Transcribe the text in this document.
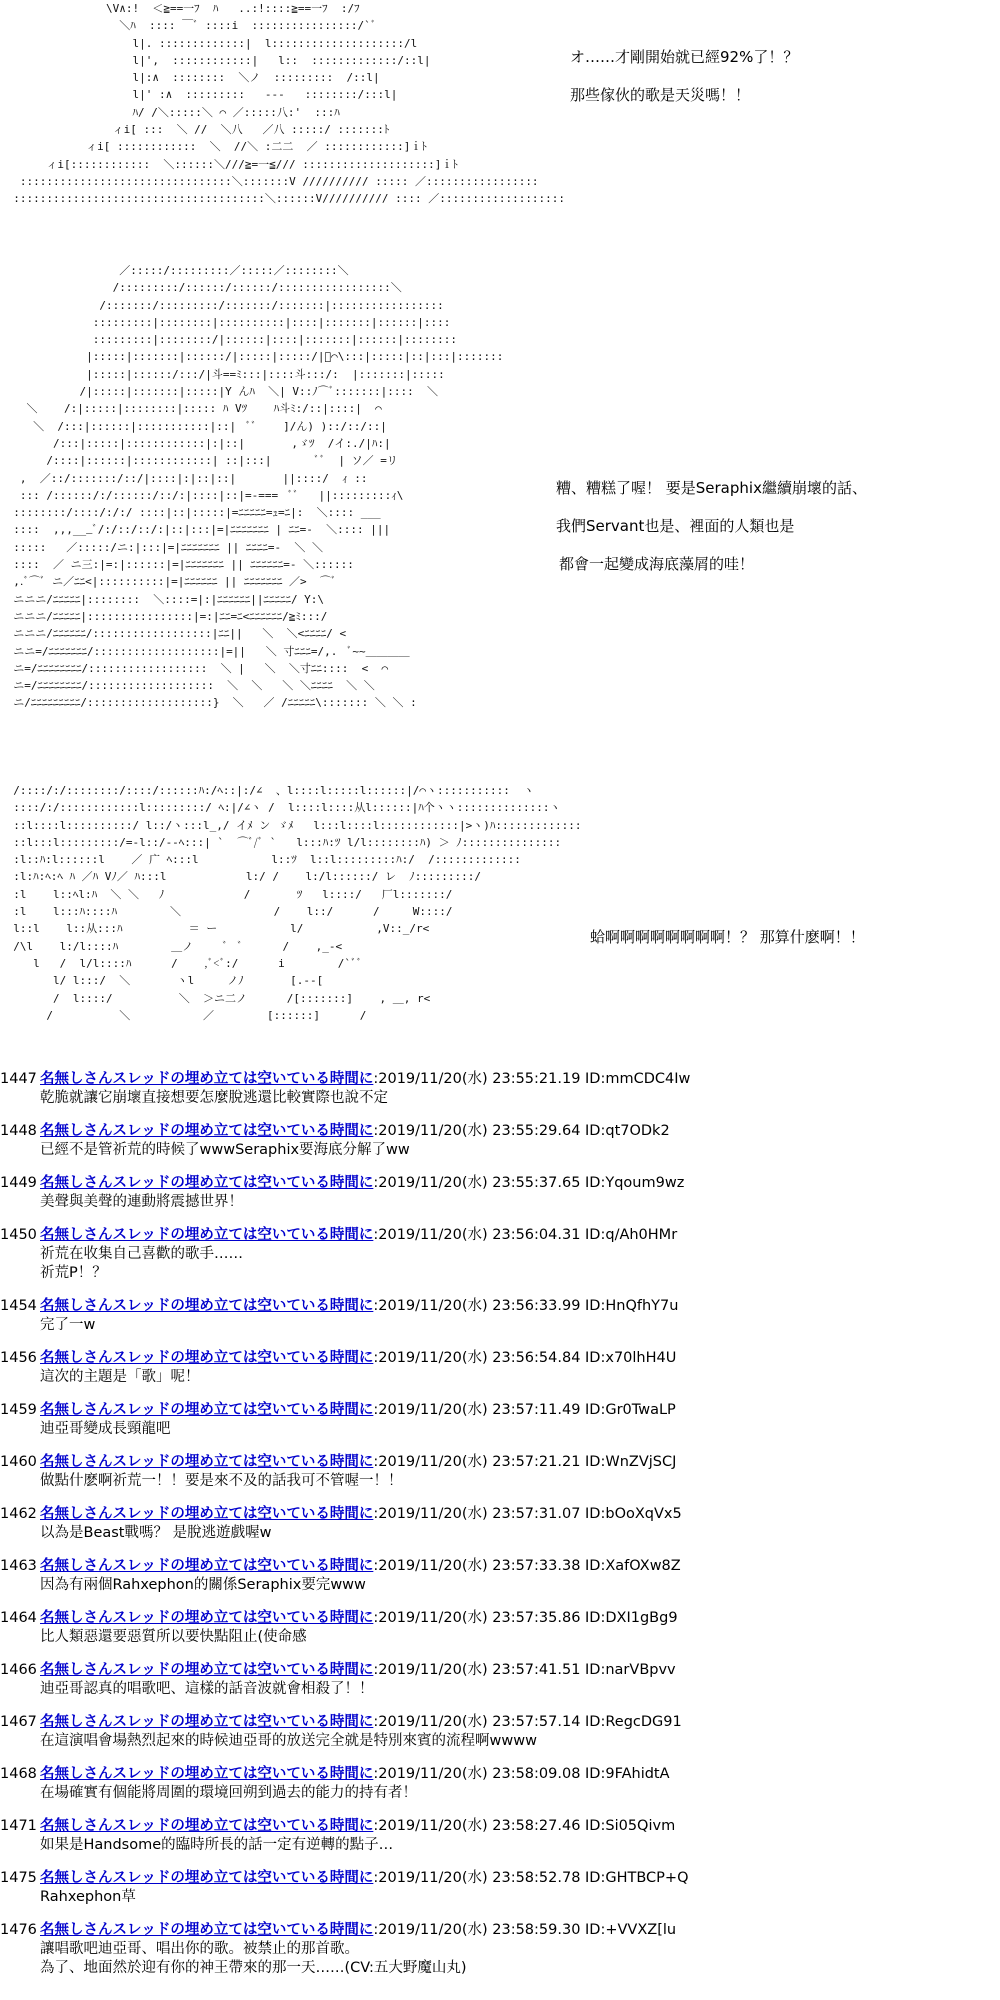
\V∧:!  ＜≧==一ﾌ  ﾊ   ..:!::::≧==一ﾌ  :/ﾌ
＼ﾊ  :::: ￣ﾞ ::::i  ::::::::::::::::/`ﾞ
l|. :::::::::::::|  l::::::::::::::::::::/l
l|',  ::::::::::::|   l::  :::::::::::::/::l|
l|:∧  ::::::::  ＼ノ  :::::::::  /::l|
l|' :∧  :::::::::   -‐-   ::::::::/:::l|
ﾊ/ /＼:::::＼ ⌒ ／:::::八:'  :::ﾊ
ィi[ :::  ＼ //  ＼八   ／八 :::::/ :::::::ﾄ
ィi[ ::::::::::::  ＼  //＼ :二二  ／ ::::::::::::]ｉﾄ
ィi[::::::::::::  ＼::::::＼///≧=一≦/// ::::::::::::::::::::]ｉﾄ
::::::::::::::::::::::::::::::::＼:::::::V ////////// ::::: ／:::::::::::::::::
::::::::::::::::::::::::::::::::::::::＼::::::V////////// :::: ／:::::::::::::::::::
オ……才剛開始就已經92%了！？
那些傢伙的歌是天災嗎！！
／:::::/:::::::::／:::::／::::::::＼
/:::::::::/::::::/::::::/:::::::::::::::::＼
/:::::::/:::::::::/:::::::/:::::::|:::::::::::::::::
:::::::::|::::::::|::::::::::|::::|:::::::|::::::|::::
:::::::::|::::::::/|::::::|::::|:::::::|::::::|::::::::
|:::::|:::::::|::::::/|:::::|:::::/|ﾞ⌒\:::|:::::|::|:::|:::::::
|:::::|::::::/:::/|斗==ﾐ:::|::::斗:::/:  |:::::::|:::::
/|:::::|:::::::|:::::|Y んﾊ  ＼| V::ﾉ⌒ﾞ:::::::|::::  ＼
＼    /:|:::::|::::::::|::::: ﾊ Vﾂ    ﾊ斗ﾐ:/::|::::|  ⌒
＼  /:::|::::::|:::::::::::|::|  ﾞﾞ    ]/ん) )::/::/::|
/:::|:::::|::::::::::::|:|::|       ,ゞﾂ  /イ:./|ﾊ:|
/::::|::::::|::::::::::::| ::|:::|       ﾞﾞ  | ソ／ =リ
,  ／::/:::::::/::/|::::|:|::|::|       ||::::/  ｨ ::
::: /::::::/:/::::::/::/:|::::|::|=-===  ﾞﾞ   ||:::::::::ｨ\
::::::::/::::/:/:/ ::::|::|:::::|=ﾆﾆﾆﾆﾆ=ｭ=ﾆ|:  ＼:::: ___
::::  ,,,___ﾞ/:/::/::/:|::|:::|=|ﾆﾆﾆﾆﾆﾆﾆ | ﾆﾆ=-  ＼:::: |||
:::::   ／:::::/ニ:|:::|=|ﾆﾆﾆﾆﾆﾆﾆ || ﾆﾆﾆﾆ=-  ＼ ＼
::::  ／ ニ三:|=:|::::::|=|ﾆﾆﾆﾆﾆﾆﾆ || ﾆﾆﾆﾆﾆﾆ=- ＼::::::
,.ﾞ⌒ﾞ ニ／ﾆﾆ<|::::::::::|=|ﾆﾆﾆﾆﾆﾆ || ﾆﾆﾆﾆﾆﾆﾆ ／>  ⌒ﾞ
ニニニ/ﾆﾆﾆﾆﾆ|::::::::  ＼::::=|:|ﾆﾆﾆﾆﾆﾆ||ﾆﾆﾆﾆﾆ/ Y:\
ニニニ/ﾆﾆﾆﾆﾆ|::::::::::::::::|=:|ﾆﾆ=ﾆ<ﾆﾆﾆﾆﾆﾆ/≧ﾐ:::/
ニニニ/ﾆﾆﾆﾆﾆﾆ/::::::::::::::::::|ﾆﾆ||   ＼  ＼<ﾆﾆﾆﾆ/ <
ニニ=/ﾆﾆﾆﾆﾆﾆﾆ/:::::::::::::::::::|=||   ＼ 寸ﾆﾆﾆ=/,.  ﾞ~~＿＿＿＿
ニ=/ﾆﾆﾆﾆﾆﾆﾆﾆ/::::::::::::::::::  ＼ |   ＼  ＼寸ﾆﾆ::::  <  ⌒
ニ=/ﾆﾆﾆﾆﾆﾆﾆﾆ/:::::::::::::::::::  ＼  ＼   ＼ ＼ﾆﾆﾆﾆ  ＼ ＼
ニ/ﾆﾆﾆﾆﾆﾆﾆﾆﾆ/:::::::::::::::::::}  ＼   ／ /ﾆﾆﾆﾆﾆ\::::::: ＼ ＼ :
糟、糟糕了喔！ 要是Seraphix繼續崩壞的話、
我們Servant也是、裡面的人類也是
都會一起變成海底藻屑的哇！
/::::/:/::::::::/::::/::::::ﾊ:/ﾍ::|:/∠  、l::::l:::::l::::::|/⌒ヽ:::::::::::  ヽ
::::/:/::::::::::::l:::::::::/ ﾍ:|/∠ヽ /  l::::l::::从l::::::|ﾊ个ヽヽ::::::::::::::ヽ
::l::::l::::::::::/ l::/ヽ:::l_,/ イﾒ ン ゞﾒ   l:::l::::l::::::::::::|>ヽ)ﾊ:::::::::::::
::l:::l:::::::::/=-l::/--ﾍ:::| `  ⌒ﾞ/ﾞ `   l:::ﾊ:ﾂ l/l::::::::ﾊ) ＞ ﾉ:::::::::::::::
:l::ﾊ:l::::::l    ／ 广 ﾍ:::l           l::ﾂ  l::l:::::::::ﾊ:/  /:::::::::::::
:l:ﾊ:ﾍ:ﾍ ﾊ ／ﾊ Vﾉ／ ﾊ:::l            l:/ /    l:/l::::::/ レ  ﾉ:::::::::/
:l    l::ﾍl:ﾊ  ＼ ＼   ﾉ            /       ﾂ   l::::/   厂l:::::::/
:l    l:::ﾊ::::ﾊ        ＼              /    l::/      /     W::::/
l::l    l::从:::ﾊ          ＝ ー           l/           ,V::_/r<
/\l    l:/l::::ﾊ        ＿ノ     ﾞ  ﾞ      /    ,_-<
l   /  l/l::::ﾊ      /    ,ﾞ<ﾞ:/      i        /`ﾞﾞ
l/ l:::/  ＼       ヽl     ノﾉ       [.-‐[
/  l::::/          ＼  ＞ニ二ノ      /[:::::::]    , ＿, r<
/          ＼           ／        [::::::]      /
蛤啊啊啊啊啊啊啊啊！？ 那算什麽啊！！
1447 名無しさんスレッドの埋め立ては空いている時間に:2019/11/20(水) 23:55:21.19 ID:mmCDC4Iw
乾脆就讓它崩壞直接想要怎麼脫逃還比較實際也說不定
1448 名無しさんスレッドの埋め立ては空いている時間に:2019/11/20(水) 23:55:29.64 ID:qt7ODk2
已經不是管祈荒的時候了wwwSeraphix要海底分解了ww
1449 名無しさんスレッドの埋め立ては空いている時間に:2019/11/20(水) 23:55:37.65 ID:Yqoum9wz
美聲與美聲的連動將震撼世界！
1450 名無しさんスレッドの埋め立ては空いている時間に:2019/11/20(水) 23:56:04.31 ID:q/Ah0HMr
祈荒在收集自己喜歡的歌手……
祈荒P！？
1454 名無しさんスレッドの埋め立ては空いている時間に:2019/11/20(水) 23:56:33.99 ID:HnQfhY7u
完了一w
1456 名無しさんスレッドの埋め立ては空いている時間に:2019/11/20(水) 23:56:54.84 ID:x70lhH4U
這次的主題是「歌」呢！
1459 名無しさんスレッドの埋め立ては空いている時間に:2019/11/20(水) 23:57:11.49 ID:Gr0TwaLP
迪亞哥變成長頸龍吧
1460 名無しさんスレッドの埋め立ては空いている時間に:2019/11/20(水) 23:57:21.21 ID:WnZVjSCJ
做點什麽啊祈荒一！！要是來不及的話我可不管喔一！！
1462 名無しさんスレッドの埋め立ては空いている時間に:2019/11/20(水) 23:57:31.07 ID:bOoXqVx5
以為是Beast戰嗎？ 是脫逃遊戲喔w
1463 名無しさんスレッドの埋め立ては空いている時間に:2019/11/20(水) 23:57:33.38 ID:XafOXw8Z
因為有兩個Rahxephon的關係Seraphix要完www
1464 名無しさんスレッドの埋め立ては空いている時間に:2019/11/20(水) 23:57:35.86 ID:DXI1gBg9
比人類惡還要惡質所以要快點阻止(使命感
1466 名無しさんスレッドの埋め立ては空いている時間に:2019/11/20(水) 23:57:41.51 ID:narVBpvv
迪亞哥認真的唱歌吧、這樣的話音波就會相殺了！！
1467 名無しさんスレッドの埋め立ては空いている時間に:2019/11/20(水) 23:57:57.14 ID:RegcDG91
在這演唱會場熱烈起來的時候迪亞哥的放送完全就是特別來賓的流程啊wwww
1468 名無しさんスレッドの埋め立ては空いている時間に:2019/11/20(水) 23:58:09.08 ID:9FAhidtA
在場確實有個能將周圍的環境回朔到過去的能力的持有者！
1471 名無しさんスレッドの埋め立ては空いている時間に:2019/11/20(水) 23:58:27.46 ID:Si05Qivm
如果是Handsome的臨時所長的話一定有逆轉的點子…
1475 名無しさんスレッドの埋め立ては空いている時間に:2019/11/20(水) 23:58:52.78 ID:GHTBCP+Q
Rahxephon草
1476 名無しさんスレッドの埋め立ては空いている時間に:2019/11/20(水) 23:58:59.30 ID:+VVXZ[lu
讓唱歌吧迪亞哥、唱出你的歌。被禁止的那首歌。
為了、地面然於迎有你的神王帶來的那一天……(CV:五大野魔山丸)
